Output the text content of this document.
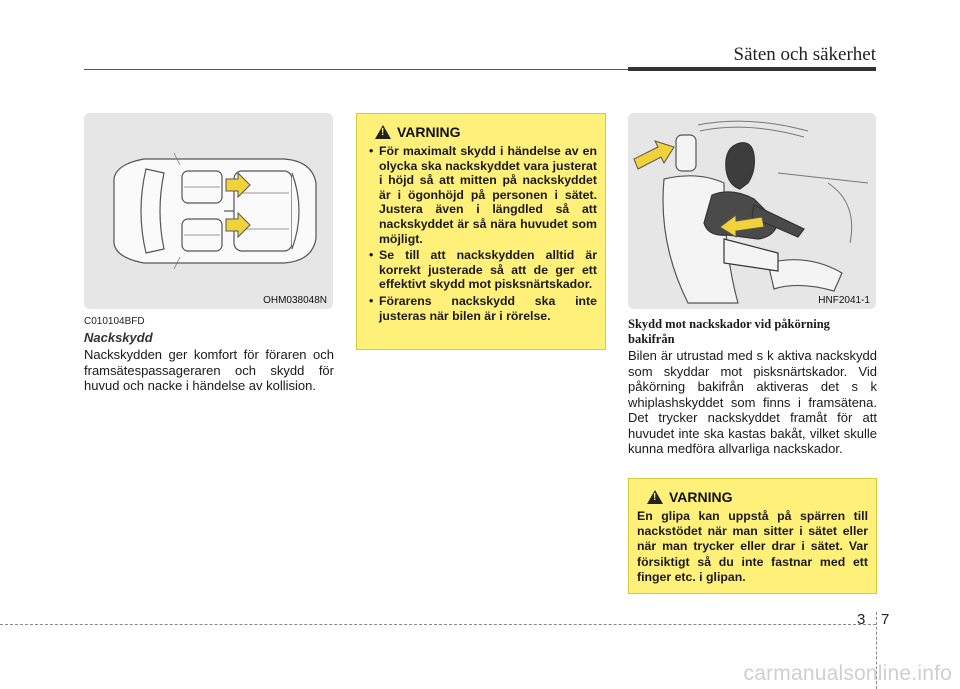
Säten och säkerhet
OHM038048N
C010104BFD
Nackskydd
Nackskydden ger komfort för föraren och framsätespassageraren och skydd för huvud och nacke i händelse av kollision.
!
VARNING
• För maximalt skydd i händelse av en olycka ska nackskyddet vara justerat i höjd så att mitten på nackskyddet är i ögonhöjd på personen i sätet. Justera även i längdled så att nackskyddet är så nära huvudet som möjligt.
• Se till att nackskydden alltid är korrekt justerade så att de ger ett effektivt skydd mot pisksnärtskador.
• Förarens nackskydd ska inte justeras när bilen är i rörelse.
HNF2041-1
Skydd mot nackskador vid påkörning bakifrån
Bilen är utrustad med s k aktiva nackskydd som skyddar mot pisksnärtskador. Vid påkörning bakifrån aktiveras det s k whiplashskyddet som finns i framsätena. Det trycker nackskyddet framåt för att huvudet inte ska kastas bakåt, vilket skulle kunna medföra allvarliga nackskador.
!
VARNING
En glipa kan uppstå på spärren till nackstödet när man sitter i sätet eller när man trycker eller drar i sätet. Var försiktigt så du inte fastnar med ett finger etc. i glipan.
3 7
carmanualsonline.info
